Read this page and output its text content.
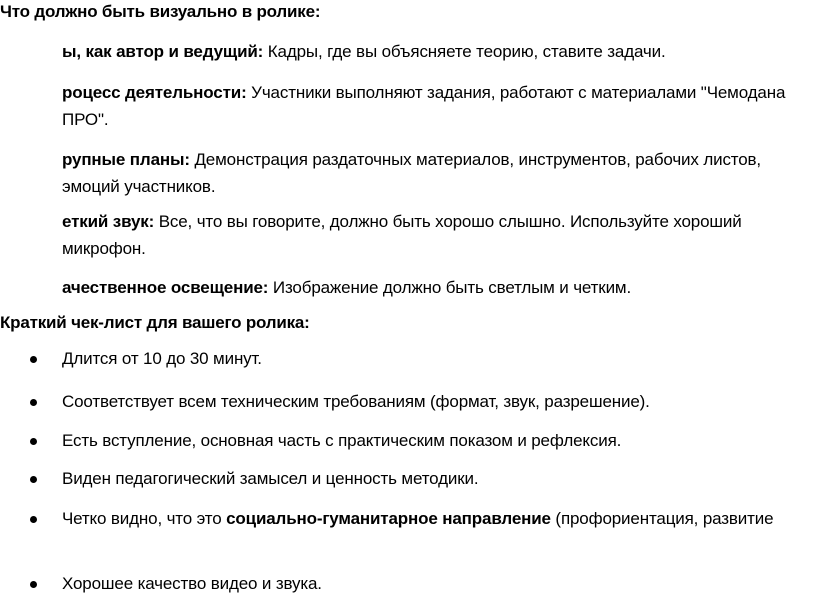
Что должно быть визуально в ролике:
ы, как автор и ведущий: Кадры, где вы объясняете теорию, ставите задачи.
роцесс деятельности: Участники выполняют задания, работают с материалами "Чемодана ПРО".
рупные планы: Демонстрация раздаточных материалов, инструментов, рабочих листов, эмоций участников.
еткий звук: Все, что вы говорите, должно быть хорошо слышно. Используйте хороший микрофон.
ачественное освещение: Изображение должно быть светлым и четким.
Краткий чек-лист для вашего ролика:
Длится от 10 до 30 минут.
Соответствует всем техническим требованиям (формат, звук, разрешение).
Есть вступление, основная часть с практическим показом и рефлексия.
Виден педагогический замысел и ценность методики.
Четко видно, что это социально-гуманитарное направление (профориентация, развитие
Хорошее качество видео и звука.
